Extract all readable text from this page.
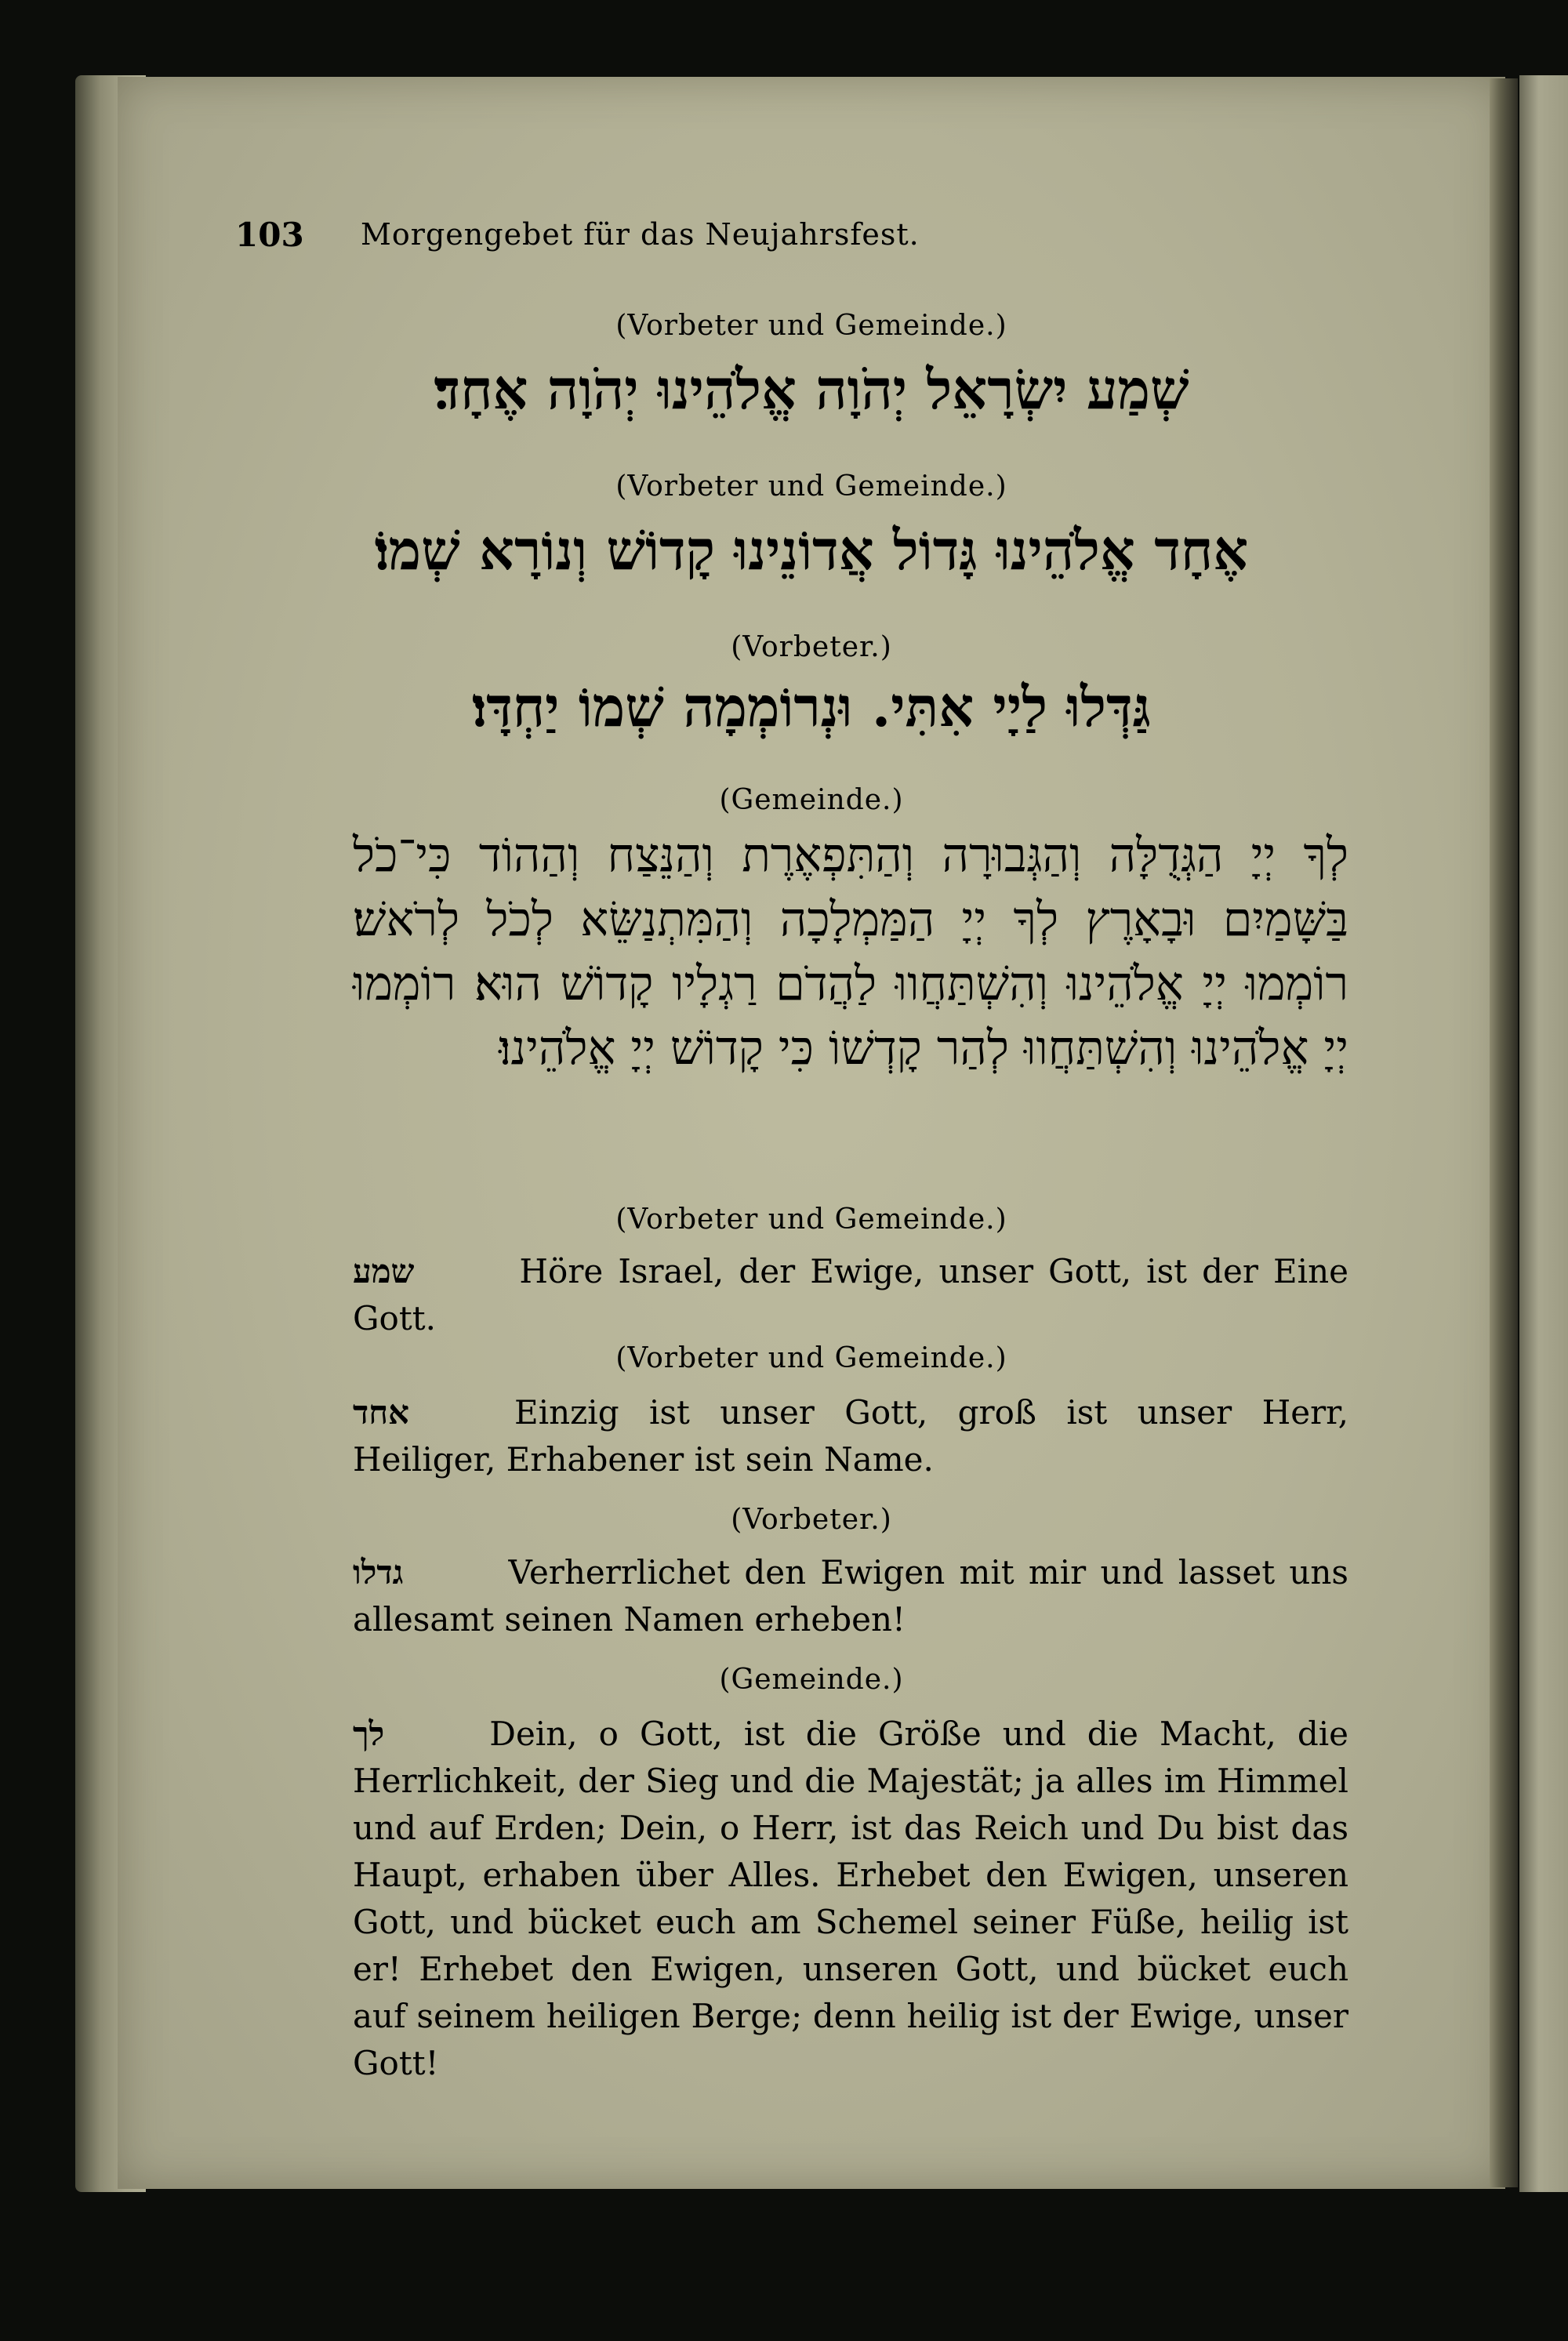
103 Morgengebet für das Neujahrsfest.
(Vorbeter und Gemeinde.)
שְׁמַע יִשְׂרָאֵל יְהֹוָה אֱלֹהֵינוּ יְהֹוָה אֶחָד׃
(Vorbeter und Gemeinde.)
אֶחָד אֱלֹהֵינוּ גָּדוֹל אֲדוֹנֵינוּ קָדוֹשׁ וְנוֹרָא שְׁמוֹ׃
(Vorbeter.)
גַּדְּלוּ לַיָי אִתִּי. וּנְרוֹמְמָה שְׁמוֹ יַחְדָּו׃
(Gemeinde.)
לְךָ יְיָ הַגְּדֻלָּה וְהַגְּבוּרָה וְהַתִּפְאֶרֶת וְהַנֵּצַח וְהַהוֹד כִּי־כֹל בַּשָּׁמַיִם וּבָאָרֶץ לְךָ יְיָ הַמַּמְלָכָה וְהַמִּתְנַשֵּׂא לְכֹל לְרֹאשׁ׃ רוֹמְמוּ יְיָ אֱלֹהֵינוּ וְהִשְׁתַּחֲווּ לַהֲדֹם רַגְלָיו קָדוֹשׁ הוּא׃ רוֹמְמוּ יְיָ אֱלֹהֵינוּ וְהִשְׁתַּחֲווּ לְהַר קָדְשׁוֹ כִּי קָדוֹשׁ יְיָ אֱלֹהֵינוּ׃
(Vorbeter und Gemeinde.)
שמע	Höre Israel, der Ewige, unser Gott, ist der Eine Gott.
(Vorbeter und Gemeinde.)
אחד	Einzig ist unser Gott, groß ist unser Herr, Heiliger, Erhabener ist sein Name.
(Vorbeter.)
גדלו	Verherrlichet den Ewigen mit mir und lasset uns allesamt seinen Namen erheben!
(Gemeinde.)
לך	Dein, o Gott, ist die Größe und die Macht, die Herrlichkeit, der Sieg und die Majestät; ja alles im Himmel und auf Erden; Dein, o Herr, ist das Reich und Du bist das Haupt, erhaben über Alles. Erhebet den Ewigen, unseren Gott, und bücket euch am Schemel seiner Füße, heilig ist er! Erhebet den Ewigen, unseren Gott, und bücket euch auf seinem heiligen Berge; denn heilig ist der Ewige, unser Gott!
